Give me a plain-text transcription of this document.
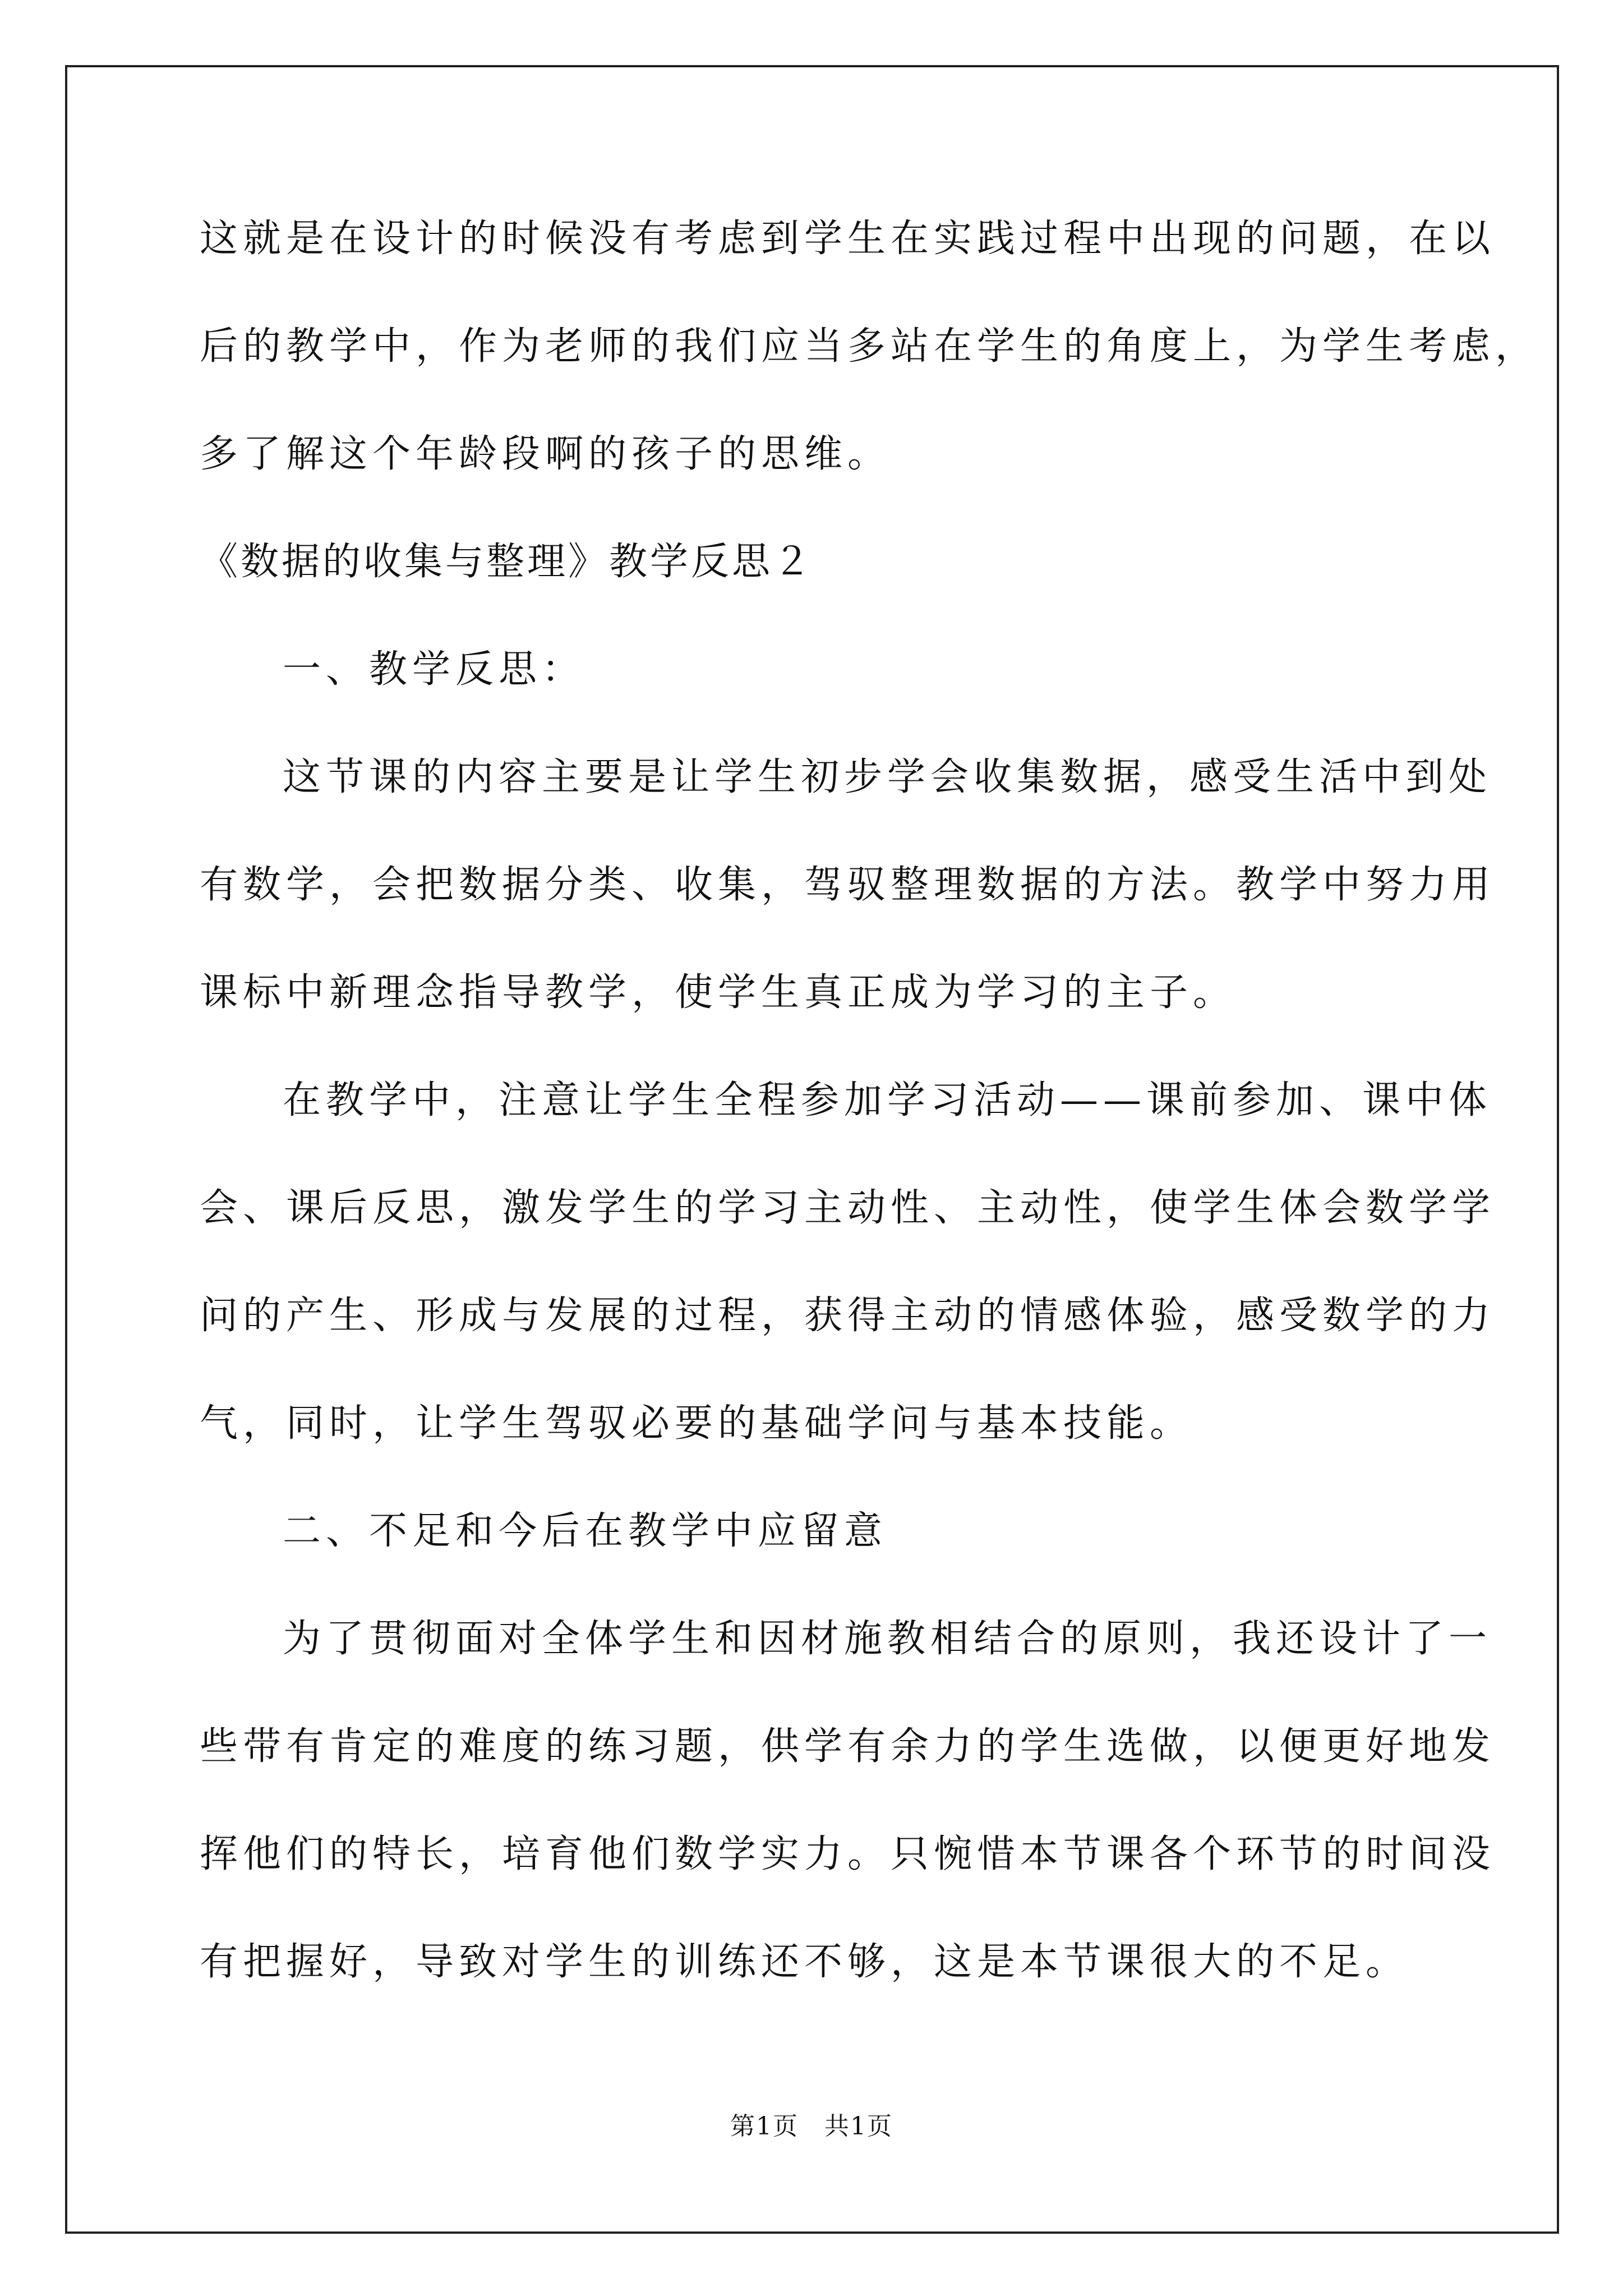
这就是在设计的时候没有考虑到学生在实践过程中出现的问题，在以
后的教学中，作为老师的我们应当多站在学生的角度上，为学生考虑，
多了解这个年龄段啊的孩子的思维。
《数据的收集与整理》教学反思２
一、教学反思：
这节课的内容主要是让学生初步学会收集数据，感受生活中到处
有数学，会把数据分类、收集，驾驭整理数据的方法。教学中努力用
课标中新理念指导教学，使学生真正成为学习的主子。
在教学中，注意让学生全程参加学习活动——课前参加、课中体
会、课后反思，激发学生的学习主动性、主动性，使学生体会数学学
问的产生、形成与发展的过程，获得主动的情感体验，感受数学的力
气，同时，让学生驾驭必要的基础学问与基本技能。
二、不足和今后在教学中应留意
为了贯彻面对全体学生和因材施教相结合的原则，我还设计了一
些带有肯定的难度的练习题，供学有余力的学生选做，以便更好地发
挥他们的特长，培育他们数学实力。只惋惜本节课各个环节的时间没
有把握好，导致对学生的训练还不够，这是本节课很大的不足。
第1页　共1页
